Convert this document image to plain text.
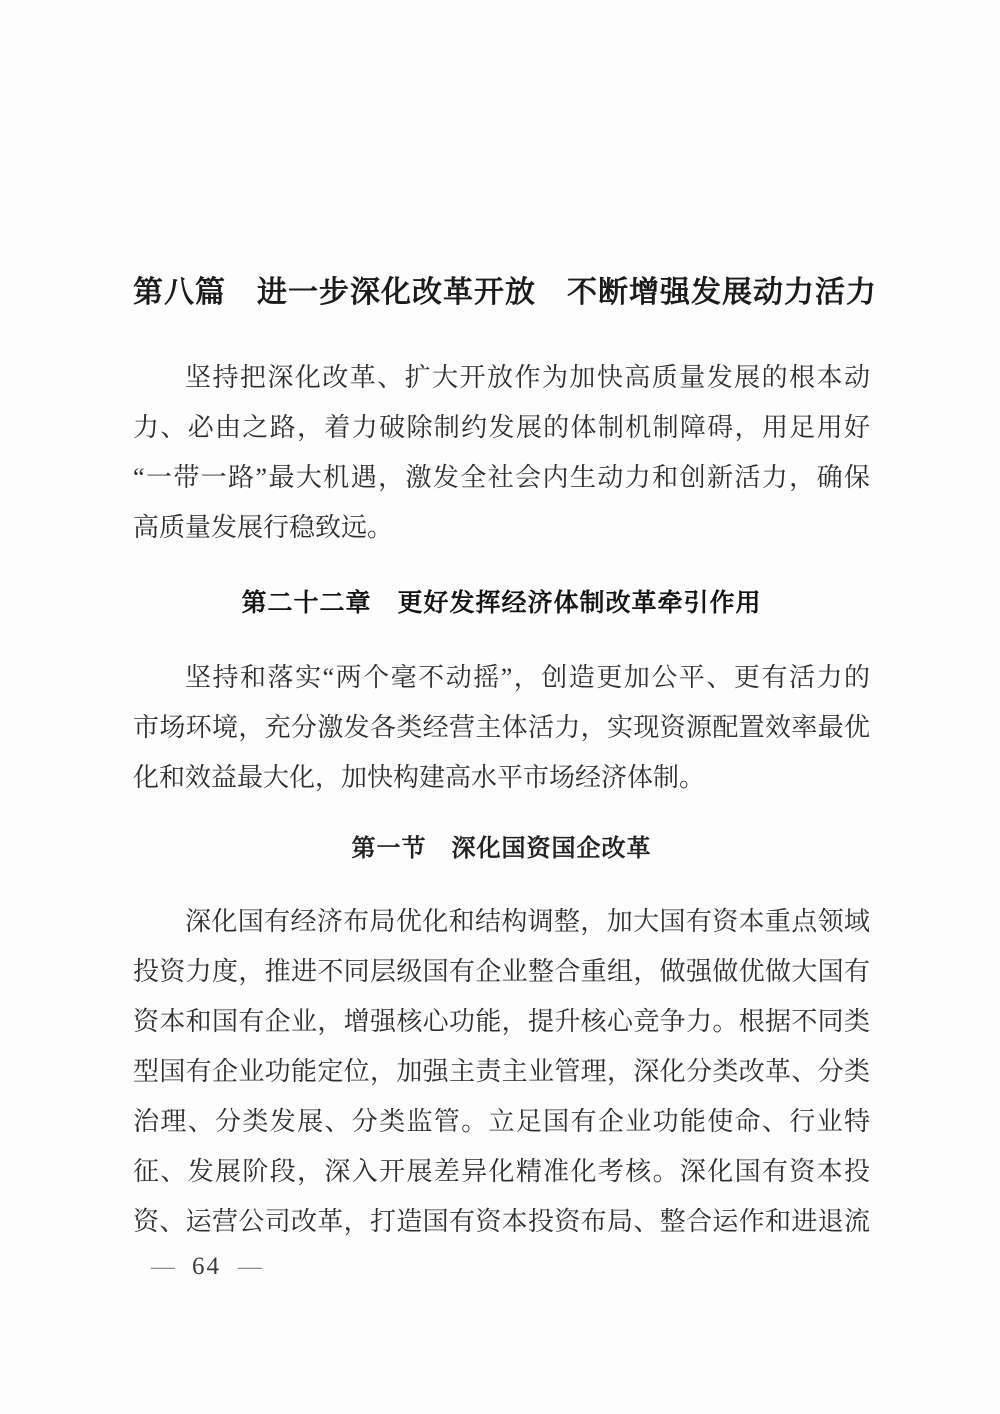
第八篇　进一步深化改革开放　不断增强发展动力活力
坚持把深化改革、扩大开放作为加快高质量发展的根本动
力、必由之路，着力破除制约发展的体制机制障碍，用足用好
“一带一路”最大机遇，激发全社会内生动力和创新活力，确保
高质量发展行稳致远。
第二十二章　更好发挥经济体制改革牵引作用
坚持和落实“两个毫不动摇”，创造更加公平、更有活力的
市场环境，充分激发各类经营主体活力，实现资源配置效率最优
化和效益最大化，加快构建高水平市场经济体制。
第一节　深化国资国企改革
深化国有经济布局优化和结构调整，加大国有资本重点领域
投资力度，推进不同层级国有企业整合重组，做强做优做大国有
资本和国有企业，增强核心功能，提升核心竞争力。根据不同类
型国有企业功能定位，加强主责主业管理，深化分类改革、分类
治理、分类发展、分类监管。立足国有企业功能使命、行业特
征、发展阶段，深入开展差异化精准化考核。深化国有资本投
资、运营公司改革，打造国有资本投资布局、整合运作和进退流
— 64 —
